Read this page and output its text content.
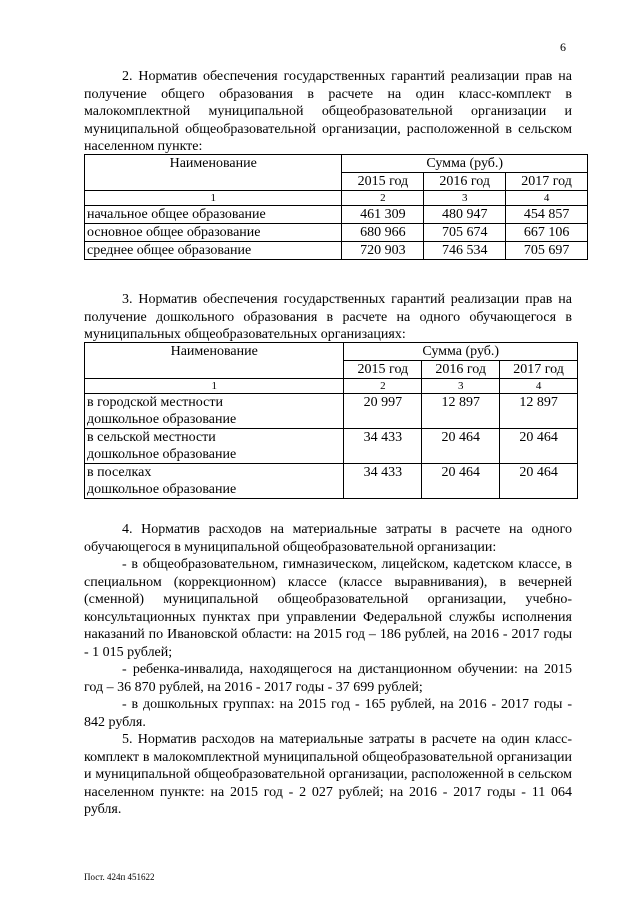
6

2. Норматив обеспечения государственных гарантий реализации прав на получение общего образования в расчете на один класс-комплект в малокомплектной муниципальной общеобразовательной организации и муниципальной общеобразовательной организации, расположенной в сельском населенном пункте:

Наименование	Сумма (руб.)		
	2015 год	2016 год	2017 год
1	2	3	4
начальное общее образование	461 309	480 947	454 857
основное общее образование	680 966	705 674	667 106
среднее общее образование	720 903	746 534	705 697

3. Норматив обеспечения государственных гарантий реализации прав на получение дошкольного образования в расчете на одного обучающегося в муниципальных общеобразовательных организациях:

Наименование	Сумма (руб.)		
	2015 год	2016 год	2017 год
1	2	3	4
в городской местности
дошкольное образование	20 997	12 897	12 897
в сельской местности
дошкольное образование	34 433	20 464	20 464
в поселках
дошкольное образование	34 433	20 464	20 464

4. Норматив расходов на материальные затраты в расчете на одного обучающегося в муниципальной общеобразовательной организации:

- в общеобразовательном, гимназическом, лицейском, кадетском классе, в специальном (коррекционном) классе (классе выравнивания), в вечерней (сменной) муниципальной общеобразовательной организации, учебно-консультационных пунктах при управлении Федеральной службы исполнения наказаний по Ивановской области: на 2015 год – 186 рублей, на 2016 - 2017 годы - 1 015 рублей;

- ребенка-инвалида, находящегося на дистанционном обучении: на 2015 год – 36 870 рублей, на 2016 - 2017 годы - 37 699 рублей;

- в дошкольных группах: на 2015 год - 165 рублей, на 2016 - 2017 годы - 842 рубля.

5. Норматив расходов на материальные затраты в расчете на один класс-комплект в малокомплектной муниципальной общеобразовательной организации и муниципальной общеобразовательной организации, расположенной в сельском населенном пункте: на 2015 год - 2 027 рублей; на 2016 - 2017 годы - 11 064 рубля.

Пост. 424п 451622
